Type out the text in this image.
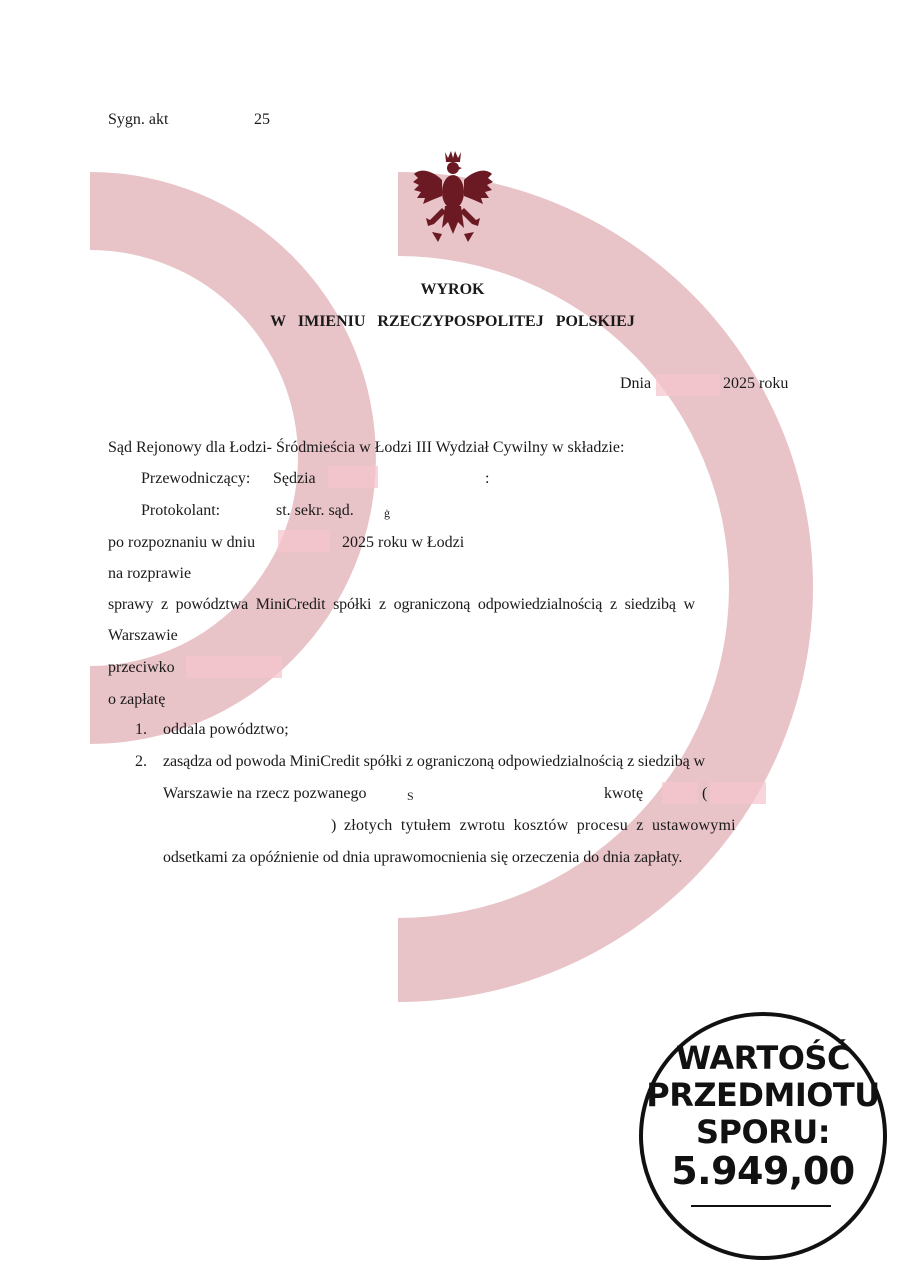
Sygn. akt	25
WYROK
W   IMIENIU   RZECZYPOSPOLITEJ   POLSKIEJ
Dnia	2025 roku
Sąd Rejonowy dla Łodzi- Śródmieścia w Łodzi III Wydział Cywilny w składzie:
Przewodniczący: Sędzia	:
Protokolant:	st. sekr. sąd.	ġ
po rozpoznaniu w dniu	2025 roku w Łodzi
na rozprawie
sprawy  z  powództwa  MiniCredit  spółki  z  ograniczoną  odpowiedzialnością  z  siedzibą  w
Warszawie
przeciwko
o zapłatę
1. oddala powództwo;
2. zasądza od powoda MiniCredit spółki z ograniczoną odpowiedzialnością z siedzibą w
Warszawie na rzecz pozwanego	S	kwotę	(
) złotych  tytułem  zwrotu  kosztów  procesu  z  ustawowymi
odsetkami za opóźnienie od dnia uprawomocnienia się orzeczenia do dnia zapłaty.
WARTOŚĆ
PRZEDMIOTU
SPORU:
5.949,00
